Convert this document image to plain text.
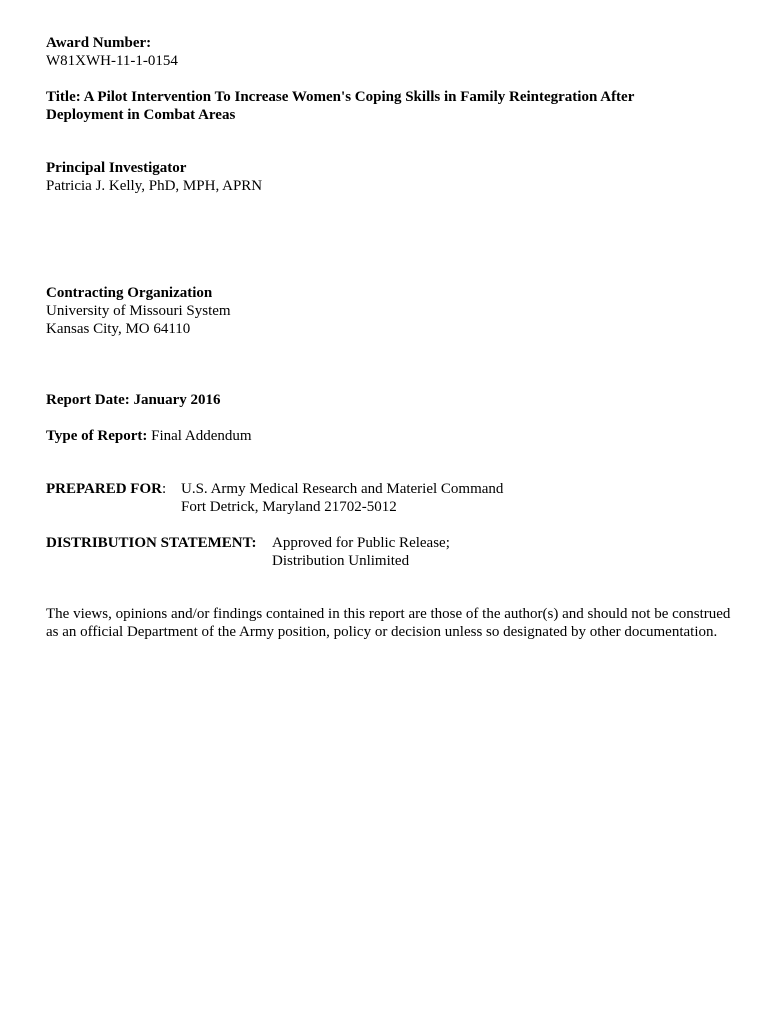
Award Number:
W81XWH-11-1-0154
Title: A Pilot Intervention To Increase Women's Coping Skills in Family Reintegration After
Deployment in Combat Areas
Principal Investigator
Patricia J. Kelly, PhD, MPH, APRN
Contracting Organization
University of Missouri System
Kansas City, MO 64110
Report Date: January 2016
Type of Report: Final Addendum
PREPARED FOR: U.S. Army Medical Research and Materiel Command
Fort Detrick, Maryland 21702-5012
DISTRIBUTION STATEMENT: Approved for Public Release;
Distribution Unlimited
The views, opinions and/or findings contained in this report are those of the author(s) and should not be construed
as an official Department of the Army position, policy or decision unless so designated by other documentation.
